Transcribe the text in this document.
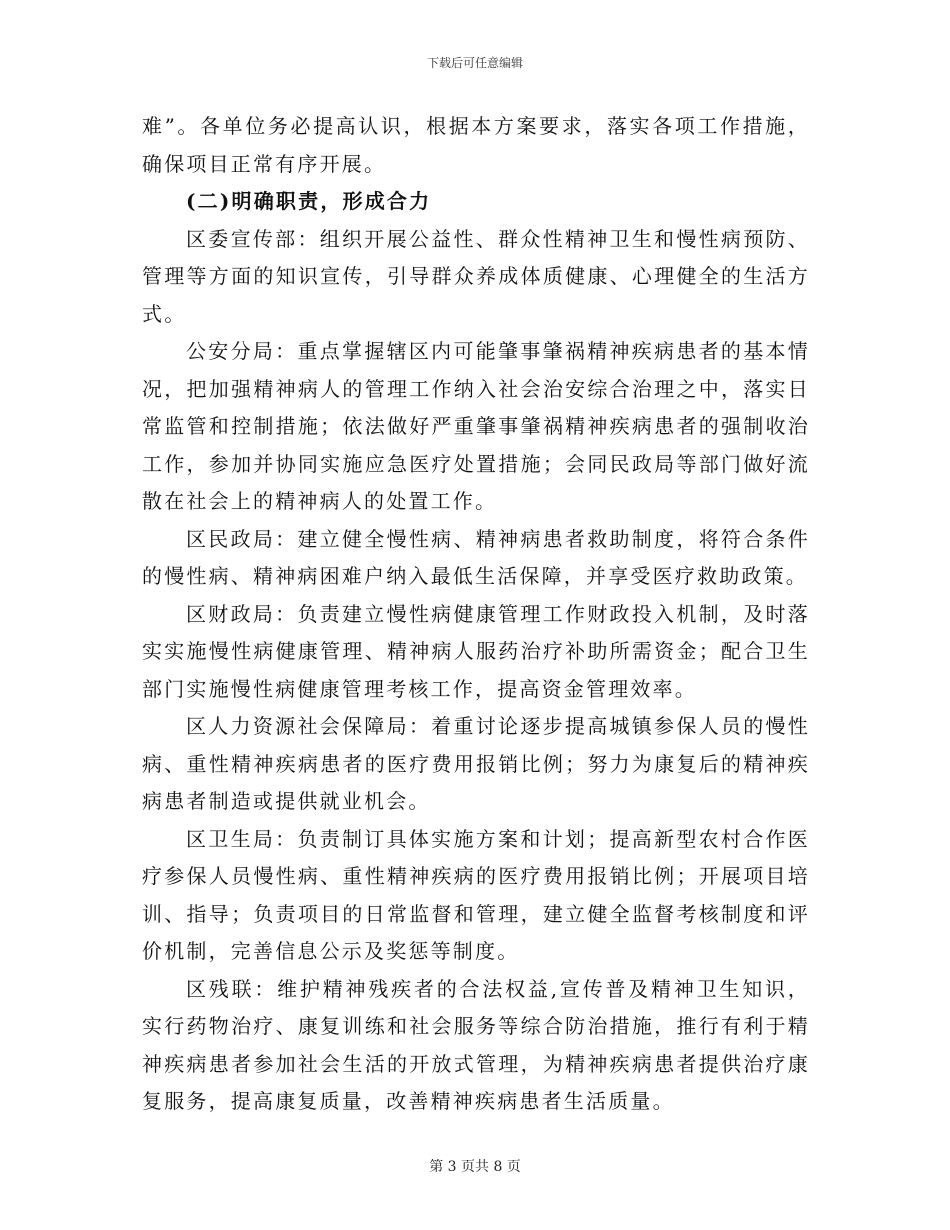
下载后可任意编辑

难”。各单位务必提高认识，根据本方案要求，落实各项工作措施，确保项目正常有序开展。

(二)明确职责，形成合力

区委宣传部：组织开展公益性、群众性精神卫生和慢性病预防、管理等方面的知识宣传，引导群众养成体质健康、心理健全的生活方式。

公安分局：重点掌握辖区内可能肇事肇祸精神疾病患者的基本情况，把加强精神病人的管理工作纳入社会治安综合治理之中，落实日常监管和控制措施；依法做好严重肇事肇祸精神疾病患者的强制收治工作，参加并协同实施应急医疗处置措施；会同民政局等部门做好流散在社会上的精神病人的处置工作。

区民政局：建立健全慢性病、精神病患者救助制度，将符合条件的慢性病、精神病困难户纳入最低生活保障，并享受医疗救助政策。

区财政局：负责建立慢性病健康管理工作财政投入机制，及时落实实施慢性病健康管理、精神病人服药治疗补助所需资金；配合卫生部门实施慢性病健康管理考核工作，提高资金管理效率。

区人力资源社会保障局：着重讨论逐步提高城镇参保人员的慢性病、重性精神疾病患者的医疗费用报销比例；努力为康复后的精神疾病患者制造或提供就业机会。

区卫生局：负责制订具体实施方案和计划；提高新型农村合作医疗参保人员慢性病、重性精神疾病的医疗费用报销比例；开展项目培训、指导；负责项目的日常监督和管理，建立健全监督考核制度和评价机制，完善信息公示及奖惩等制度。

区残联：维护精神残疾者的合法权益,宣传普及精神卫生知识，实行药物治疗、康复训练和社会服务等综合防治措施，推行有利于精神疾病患者参加社会生活的开放式管理，为精神疾病患者提供治疗康复服务，提高康复质量，改善精神疾病患者生活质量。

第 3 页共 8 页
